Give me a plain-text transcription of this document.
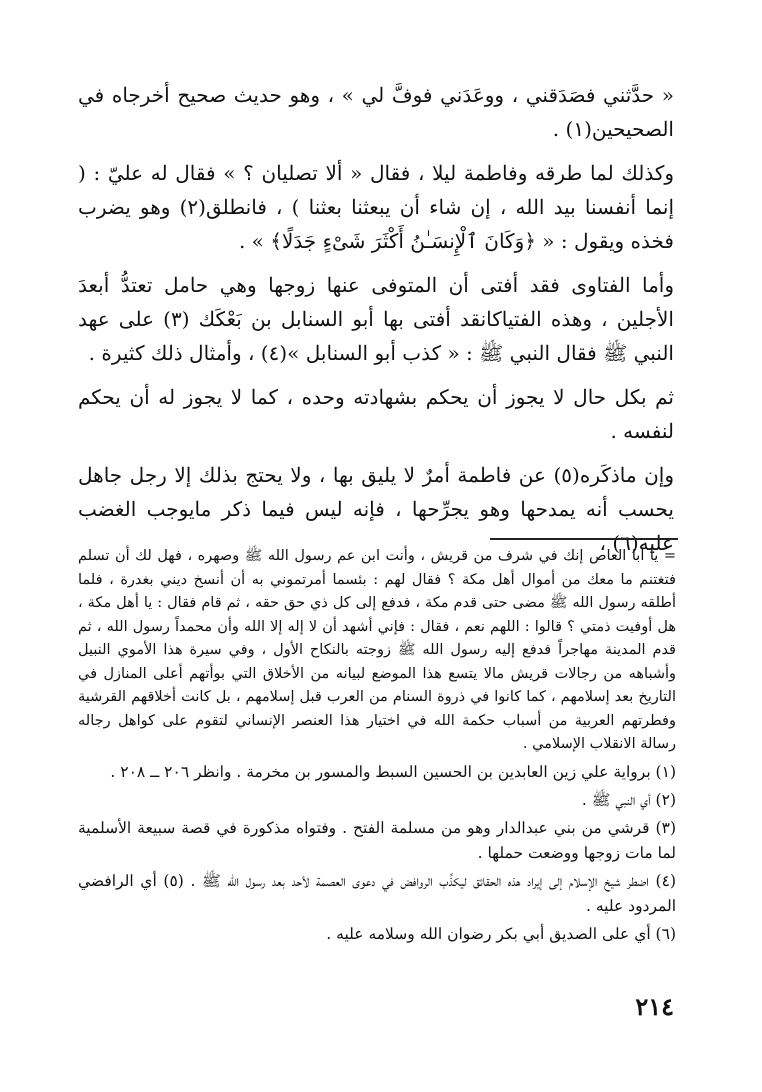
« حدَّثني فصَدَقني ، ووعَدَني فوفَّ لي » ، وهو حديث صحيح أخرجاه في الصحيحين(١) .

وكذلك لما طرقه وفاطمة ليلا ، فقال « ألا تصليان ؟ » فقال له عليّ : ( إنما أنفسنا بيد الله ، إن شاء أن يبعثنا بعثنا ) ، فانطلق(٢) وهو يضرب فخذه ويقول : « ﴿وَكَانَ ٱلْإِنسَـٰنُ أَكْثَرَ شَىْءٍ جَدَلًا﴾ » .

وأما الفتاوى فقد أفتى أن المتوفى عنها زوجها وهي حامل تعتدُّ أبعدَ الأجلين ، وهذه الفتياكانقد أفتى بها أبو السنابل بن بَعْكَك (٣) على عهد النبي ﷺ فقال النبي ﷺ : « كذب أبو السنابل »(٤) ، وأمثال ذلك كثيرة .

ثم بكل حال لا يجوز أن يحكم بشهادته وحده ، كما لا يجوز له أن يحكم لنفسه .

وإن ماذكَره(٥) عن فاطمة أمرٌ لا يليق بها ، ولا يحتج بذلك إلا رجل جاهل يحسب أنه يمدحها وهو يجرِّحها ، فإنه ليس فيما ذكر مايوجب الغضب عليه(٦) ،

= يا أبا العاص إنك في شرف من قريش ، وأنت ابن عم رسول الله ﷺ وصهره ، فهل لك أن تسلم فتغتنم ما معك من أموال أهل مكة ؟ فقال لهم : بئسما أمرتموني به أن أنسخ ديني بغدرة ، فلما أطلقه رسول الله ﷺ مضى حتى قدم مكة ، فدفع إلى كل ذي حق حقه ، ثم قام فقال : يا أهل مكة ، هل أوفيت ذمتي ؟ قالوا : اللهم نعم ، فقال : فإني أشهد أن لا إله إلا الله وأن محمداً رسول الله ، ثم قدم المدينة مهاجراً فدفع إليه رسول الله ﷺ زوجته بالنكاح الأول ، وفي سيرة هذا الأموي النبيل وأشباهه من رجالات قريش مالا يتسع هذا الموضع لبيانه من الأخلاق التي بوأتهم أعلى المنازل في التاريخ بعد إسلامهم ، كما كانوا في ذروة السنام من العرب قبل إسلامهم ، بل كانت أخلاقهم القرشية وفطرتهم العربية من أسباب حكمة الله في اختيار هذا العنصر الإنساني لتقوم على كواهل رجاله رسالة الانقلاب الإسلامي .

(١) برواية علي زين العابدين بن الحسين السبط والمسور بن مخرمة . وانظر ٢٠٦ ــ ٢٠٨ .

(٢) أي النبي ﷺ .

(٣) قرشي من بني عبدالدار وهو من مسلمة الفتح . وفتواه مذكورة في قصة سبيعة الأسلمية لما مات زوجها ووضعت حملها .

(٤) اضطر شيخ الإسلام إلى إيراد هذه الحقائق ليكذِّب الروافض في دعوى العصمة لأحد بعد رسول الله ﷺ . (٥) أي الرافضي المردود عليه .

(٦) أي على الصديق أبي بكر رضوان الله وسلامه عليه .

٢١٤
